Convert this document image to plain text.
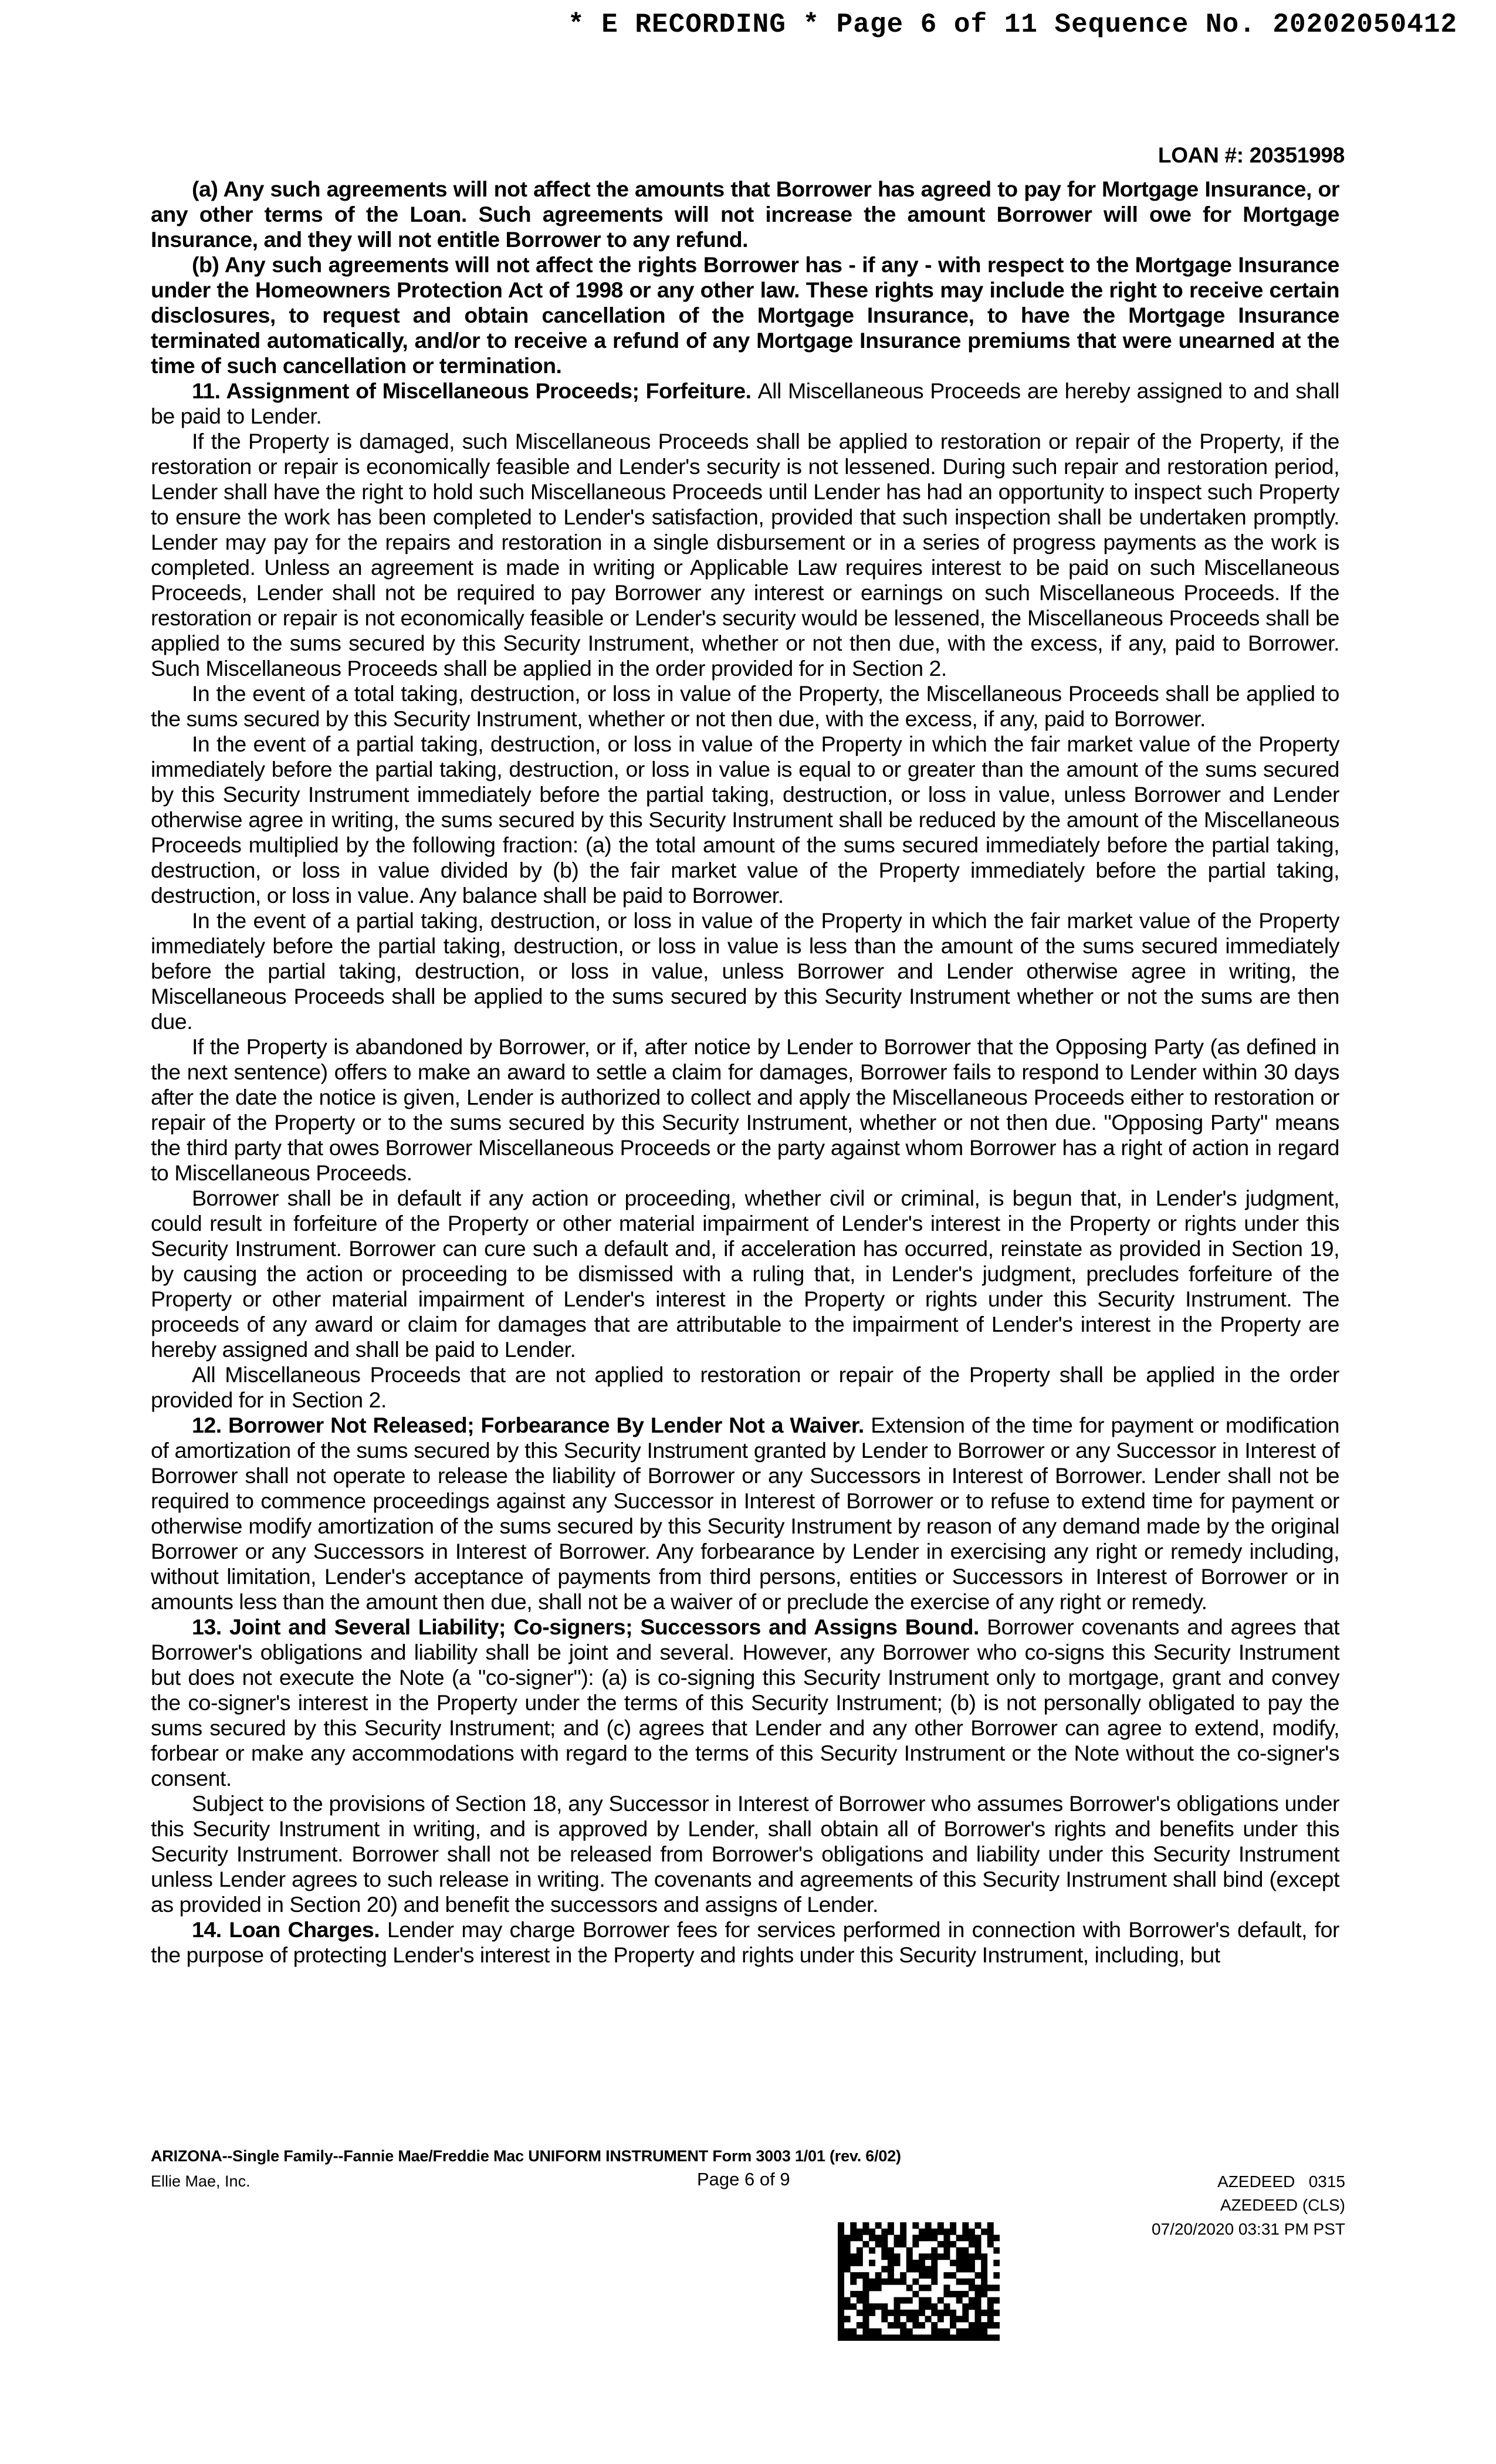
* E RECORDING * Page 6 of 11 Sequence No. 20202050412
LOAN #: 20351998

(a) Any such agreements will not affect the amounts that Borrower has agreed to pay for Mortgage Insurance, or any other terms of the Loan. Such agreements will not increase the amount Borrower will owe for Mortgage Insurance, and they will not entitle Borrower to any refund.

(b) Any such agreements will not affect the rights Borrower has - if any - with respect to the Mortgage Insurance under the Homeowners Protection Act of 1998 or any other law. These rights may include the right to receive certain disclosures, to request and obtain cancellation of the Mortgage Insurance, to have the Mortgage Insurance terminated automatically, and/or to receive a refund of any Mortgage Insurance premiums that were unearned at the time of such cancellation or termination.

11. Assignment of Miscellaneous Proceeds; Forfeiture. All Miscellaneous Proceeds are hereby assigned to and shall be paid to Lender.

If the Property is damaged, such Miscellaneous Proceeds shall be applied to restoration or repair of the Property, if the restoration or repair is economically feasible and Lender's security is not lessened. During such repair and restoration period, Lender shall have the right to hold such Miscellaneous Proceeds until Lender has had an opportunity to inspect such Property to ensure the work has been completed to Lender's satisfaction, provided that such inspection shall be undertaken promptly. Lender may pay for the repairs and restoration in a single disbursement or in a series of progress payments as the work is completed. Unless an agreement is made in writing or Applicable Law requires interest to be paid on such Miscellaneous Proceeds, Lender shall not be required to pay Borrower any interest or earnings on such Miscellaneous Proceeds. If the restoration or repair is not economically feasible or Lender's security would be lessened, the Miscellaneous Proceeds shall be applied to the sums secured by this Security Instrument, whether or not then due, with the excess, if any, paid to Borrower. Such Miscellaneous Proceeds shall be applied in the order provided for in Section 2.

In the event of a total taking, destruction, or loss in value of the Property, the Miscellaneous Proceeds shall be applied to the sums secured by this Security Instrument, whether or not then due, with the excess, if any, paid to Borrower.

In the event of a partial taking, destruction, or loss in value of the Property in which the fair market value of the Property immediately before the partial taking, destruction, or loss in value is equal to or greater than the amount of the sums secured by this Security Instrument immediately before the partial taking, destruction, or loss in value, unless Borrower and Lender otherwise agree in writing, the sums secured by this Security Instrument shall be reduced by the amount of the Miscellaneous Proceeds multiplied by the following fraction: (a) the total amount of the sums secured immediately before the partial taking, destruction, or loss in value divided by (b) the fair market value of the Property immediately before the partial taking, destruction, or loss in value. Any balance shall be paid to Borrower.

In the event of a partial taking, destruction, or loss in value of the Property in which the fair market value of the Property immediately before the partial taking, destruction, or loss in value is less than the amount of the sums secured immediately before the partial taking, destruction, or loss in value, unless Borrower and Lender otherwise agree in writing, the Miscellaneous Proceeds shall be applied to the sums secured by this Security Instrument whether or not the sums are then due.

If the Property is abandoned by Borrower, or if, after notice by Lender to Borrower that the Opposing Party (as defined in the next sentence) offers to make an award to settle a claim for damages, Borrower fails to respond to Lender within 30 days after the date the notice is given, Lender is authorized to collect and apply the Miscellaneous Proceeds either to restoration or repair of the Property or to the sums secured by this Security Instrument, whether or not then due. "Opposing Party" means the third party that owes Borrower Miscellaneous Proceeds or the party against whom Borrower has a right of action in regard to Miscellaneous Proceeds.

Borrower shall be in default if any action or proceeding, whether civil or criminal, is begun that, in Lender's judgment, could result in forfeiture of the Property or other material impairment of Lender's interest in the Property or rights under this Security Instrument. Borrower can cure such a default and, if acceleration has occurred, reinstate as provided in Section 19, by causing the action or proceeding to be dismissed with a ruling that, in Lender's judgment, precludes forfeiture of the Property or other material impairment of Lender's interest in the Property or rights under this Security Instrument. The proceeds of any award or claim for damages that are attributable to the impairment of Lender's interest in the Property are hereby assigned and shall be paid to Lender.

All Miscellaneous Proceeds that are not applied to restoration or repair of the Property shall be applied in the order provided for in Section 2.

12. Borrower Not Released; Forbearance By Lender Not a Waiver. Extension of the time for payment or modification of amortization of the sums secured by this Security Instrument granted by Lender to Borrower or any Successor in Interest of Borrower shall not operate to release the liability of Borrower or any Successors in Interest of Borrower. Lender shall not be required to commence proceedings against any Successor in Interest of Borrower or to refuse to extend time for payment or otherwise modify amortization of the sums secured by this Security Instrument by reason of any demand made by the original Borrower or any Successors in Interest of Borrower. Any forbearance by Lender in exercising any right or remedy including, without limitation, Lender's acceptance of payments from third persons, entities or Successors in Interest of Borrower or in amounts less than the amount then due, shall not be a waiver of or preclude the exercise of any right or remedy.

13. Joint and Several Liability; Co-signers; Successors and Assigns Bound. Borrower covenants and agrees that Borrower's obligations and liability shall be joint and several. However, any Borrower who co-signs this Security Instrument but does not execute the Note (a "co-signer"): (a) is co-signing this Security Instrument only to mortgage, grant and convey the co-signer's interest in the Property under the terms of this Security Instrument; (b) is not personally obligated to pay the sums secured by this Security Instrument; and (c) agrees that Lender and any other Borrower can agree to extend, modify, forbear or make any accommodations with regard to the terms of this Security Instrument or the Note without the co-signer's consent.

Subject to the provisions of Section 18, any Successor in Interest of Borrower who assumes Borrower's obligations under this Security Instrument in writing, and is approved by Lender, shall obtain all of Borrower's rights and benefits under this Security Instrument. Borrower shall not be released from Borrower's obligations and liability under this Security Instrument unless Lender agrees to such release in writing. The covenants and agreements of this Security Instrument shall bind (except as provided in Section 20) and benefit the successors and assigns of Lender.

14. Loan Charges. Lender may charge Borrower fees for services performed in connection with Borrower's default, for the purpose of protecting Lender's interest in the Property and rights under this Security Instrument, including, but

ARIZONA--Single Family--Fannie Mae/Freddie Mac UNIFORM INSTRUMENT Form 3003 1/01 (rev. 6/02)
Ellie Mae, Inc.	Page 6 of 9	AZEDEED   0315
AZEDEED (CLS)
07/20/2020 03:31 PM PST
